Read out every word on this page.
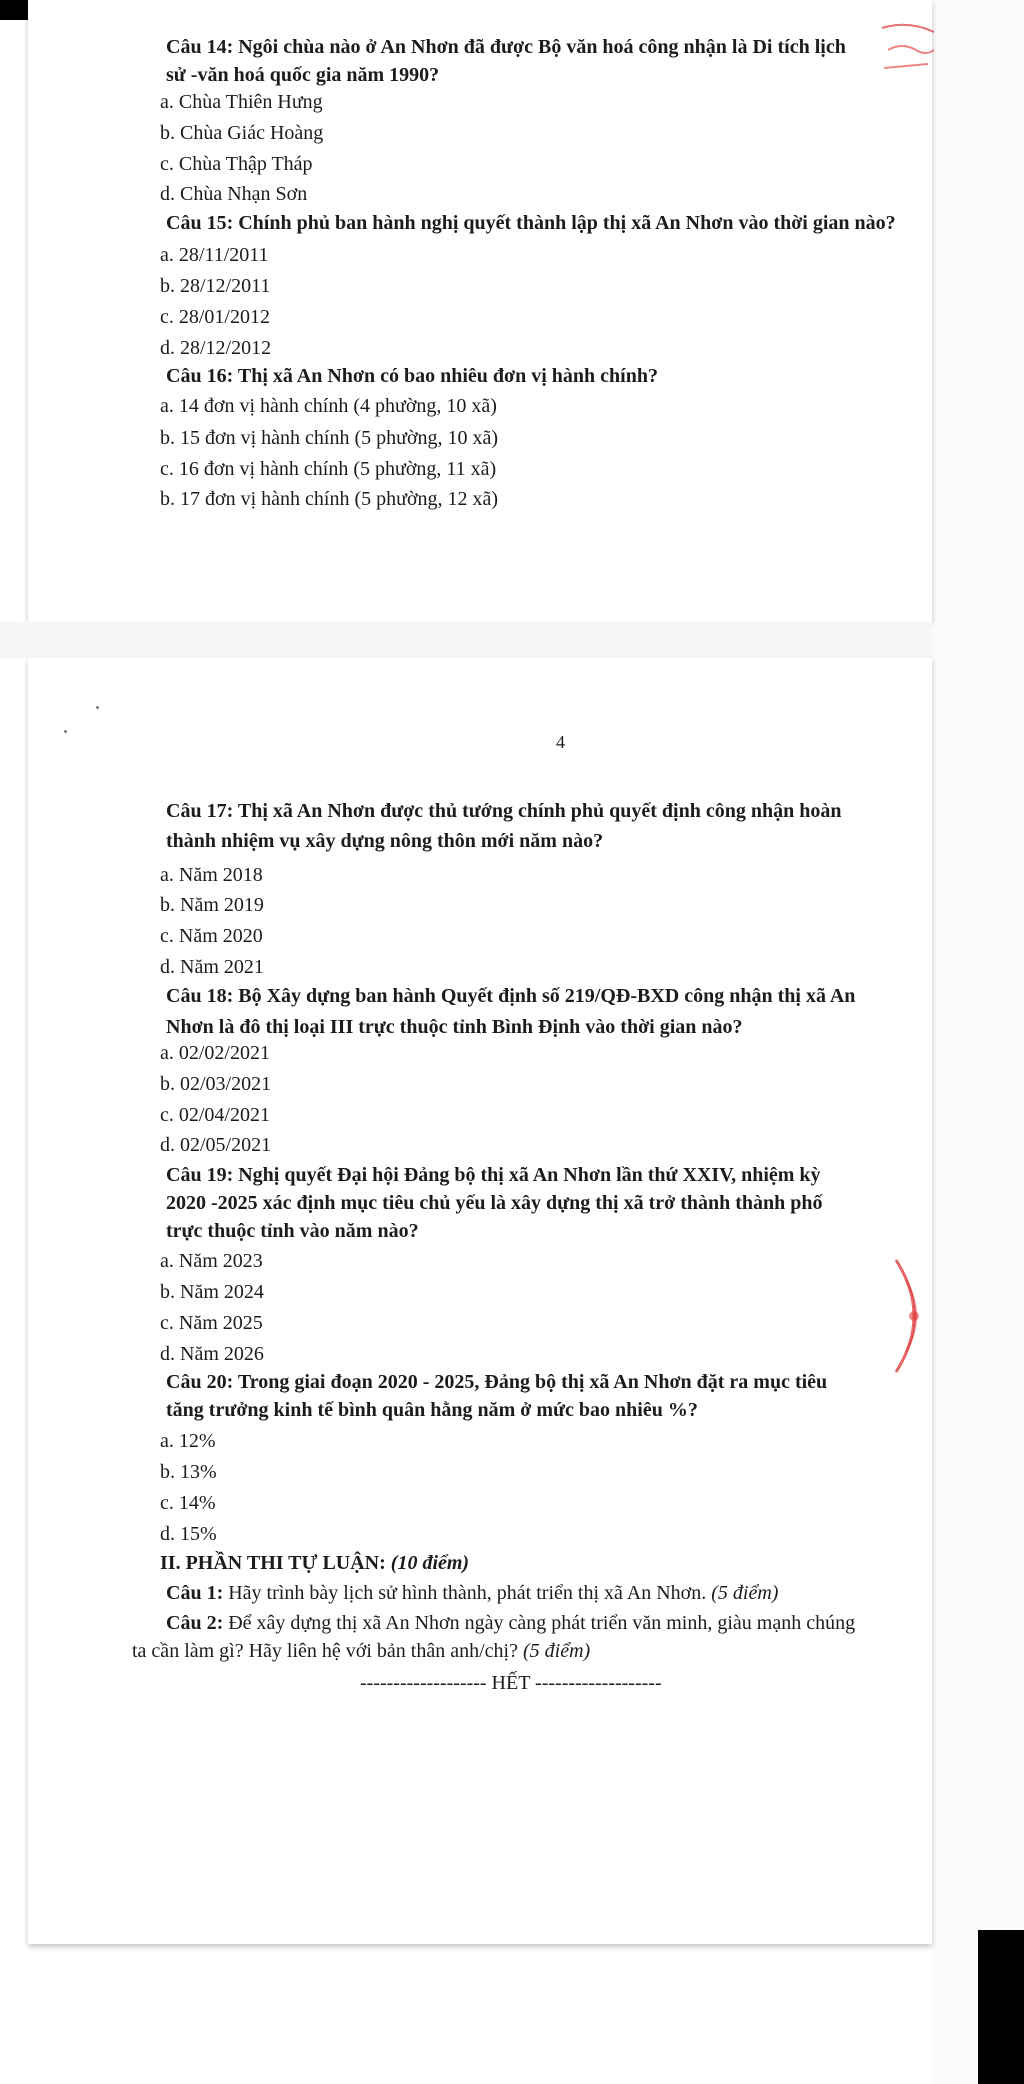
Câu 14: Ngôi chùa nào ở An Nhơn đã được Bộ văn hoá công nhận là Di tích lịch
sử -văn hoá quốc gia năm 1990?
a. Chùa Thiên Hưng
b. Chùa Giác Hoàng
c. Chùa Thập Tháp
d. Chùa Nhạn Sơn
Câu 15: Chính phủ ban hành nghị quyết thành lập thị xã An Nhơn vào thời gian nào?
a. 28/11/2011
b. 28/12/2011
c. 28/01/2012
d. 28/12/2012
Câu 16: Thị xã An Nhơn có bao nhiêu đơn vị hành chính?
a. 14 đơn vị hành chính (4 phường, 10 xã)
b. 15 đơn vị hành chính (5 phường, 10 xã)
c. 16 đơn vị hành chính (5 phường, 11 xã)
b. 17 đơn vị hành chính (5 phường, 12 xã)
4
Câu 17: Thị xã An Nhơn được thủ tướng chính phủ quyết định công nhận hoàn
thành nhiệm vụ xây dựng nông thôn mới năm nào?
a. Năm 2018
b. Năm 2019
c. Năm 2020
d. Năm 2021
Câu 18: Bộ Xây dựng ban hành Quyết định số 219/QĐ-BXD công nhận thị xã An
Nhơn là đô thị loại III trực thuộc tỉnh Bình Định vào thời gian nào?
a. 02/02/2021
b. 02/03/2021
c. 02/04/2021
d. 02/05/2021
Câu 19: Nghị quyết Đại hội Đảng bộ thị xã An Nhơn lần thứ XXIV, nhiệm kỳ
2020 -2025 xác định mục tiêu chủ yếu là xây dựng thị xã trở thành thành phố
trực thuộc tỉnh vào năm nào?
a. Năm 2023
b. Năm 2024
c. Năm 2025
d. Năm 2026
Câu 20: Trong giai đoạn 2020 - 2025, Đảng bộ thị xã An Nhơn đặt ra mục tiêu
tăng trưởng kinh tế bình quân hằng năm ở mức bao nhiêu %?
a. 12%
b. 13%
c. 14%
d. 15%
II. PHẦN THI TỰ LUẬN: (10 điểm)
Câu 1: Hãy trình bày lịch sử hình thành, phát triển thị xã An Nhơn. (5 điểm)
Câu 2: Để xây dựng thị xã An Nhơn ngày càng phát triển văn minh, giàu mạnh chúng
ta cần làm gì? Hãy liên hệ với bản thân anh/chị? (5 điểm)
------------------- HẾT -------------------
